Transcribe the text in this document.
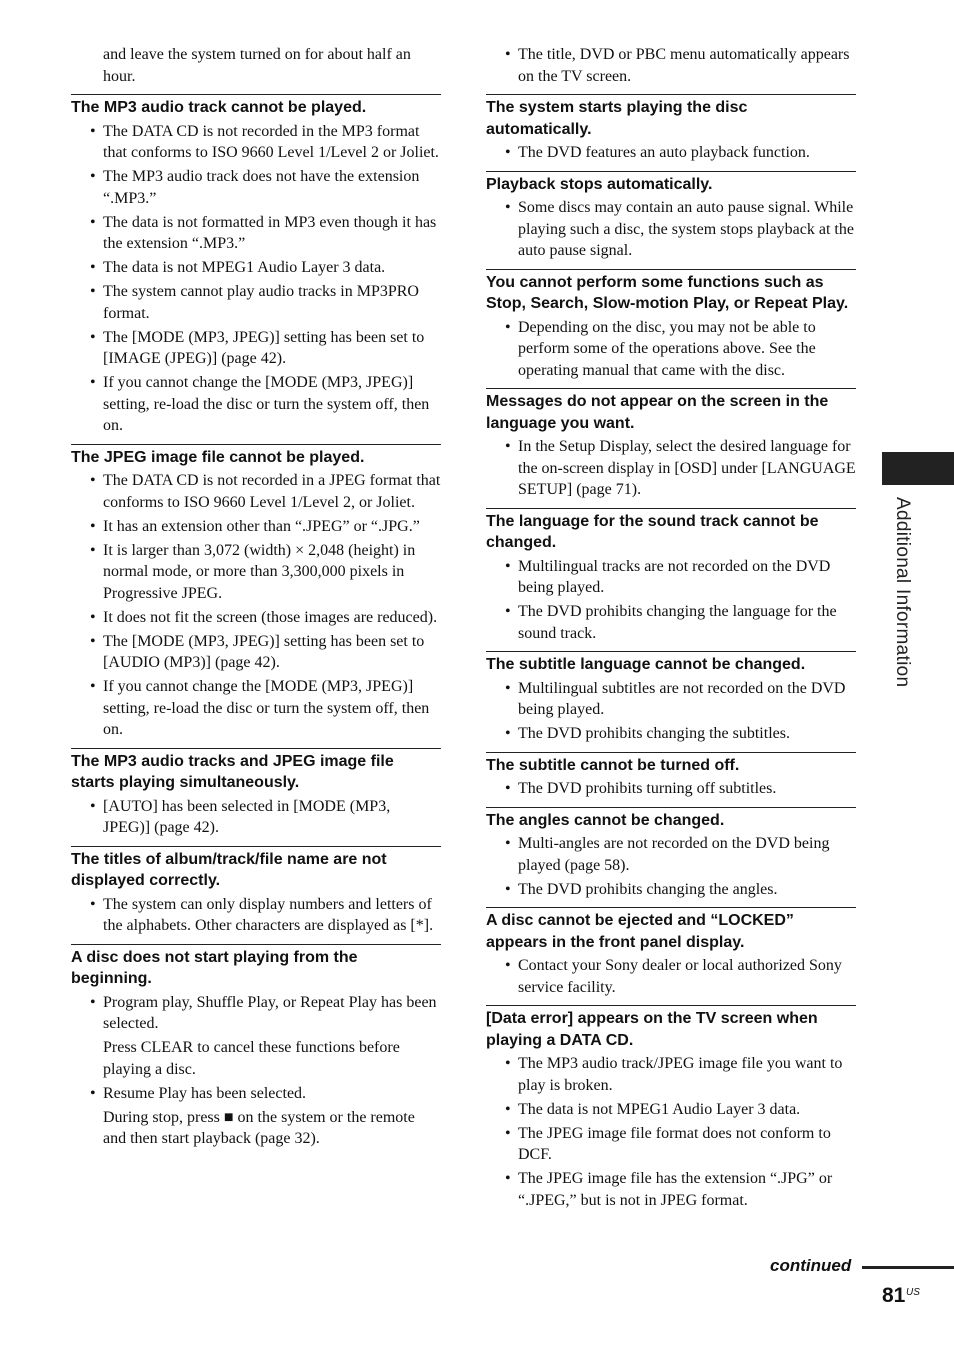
and leave the system turned on for about half an hour.
The MP3 audio track cannot be played.
• The DATA CD is not recorded in the MP3 format that conforms to ISO 9660 Level 1/Level 2 or Joliet.
• The MP3 audio track does not have the extension “.MP3.”
• The data is not formatted in MP3 even though it has the extension “.MP3.”
• The data is not MPEG1 Audio Layer 3 data.
• The system cannot play audio tracks in MP3PRO format.
• The [MODE (MP3, JPEG)] setting has been set to [IMAGE (JPEG)] (page 42).
• If you cannot change the [MODE (MP3, JPEG)] setting, re-load the disc or turn the system off, then on.
The JPEG image file cannot be played.
• The DATA CD is not recorded in a JPEG format that conforms to ISO 9660 Level 1/Level 2, or Joliet.
• It has an extension other than “.JPEG” or “.JPG.”
• It is larger than 3,072 (width) × 2,048 (height) in normal mode, or more than 3,300,000 pixels in Progressive JPEG.
• It does not fit the screen (those images are reduced).
• The [MODE (MP3, JPEG)] setting has been set to [AUDIO (MP3)] (page 42).
• If you cannot change the [MODE (MP3, JPEG)] setting, re-load the disc or turn the system off, then on.
The MP3 audio tracks and JPEG image file starts playing simultaneously.
• [AUTO] has been selected in [MODE (MP3, JPEG)] (page 42).
The titles of album/track/file name are not displayed correctly.
• The system can only display numbers and letters of the alphabets. Other characters are displayed as [*].
A disc does not start playing from the beginning.
• Program play, Shuffle Play, or Repeat Play has been selected.
Press CLEAR to cancel these functions before playing a disc.
• Resume Play has been selected.
During stop, press ■ on the system or the remote and then start playback (page 32).
• The title, DVD or PBC menu automatically appears on the TV screen.
The system starts playing the disc automatically.
• The DVD features an auto playback function.
Playback stops automatically.
• Some discs may contain an auto pause signal. While playing such a disc, the system stops playback at the auto pause signal.
You cannot perform some functions such as Stop, Search, Slow-motion Play, or Repeat Play.
• Depending on the disc, you may not be able to perform some of the operations above. See the operating manual that came with the disc.
Messages do not appear on the screen in the language you want.
• In the Setup Display, select the desired language for the on-screen display in [OSD] under [LANGUAGE SETUP] (page 71).
The language for the sound track cannot be changed.
• Multilingual tracks are not recorded on the DVD being played.
• The DVD prohibits changing the language for the sound track.
The subtitle language cannot be changed.
• Multilingual subtitles are not recorded on the DVD being played.
• The DVD prohibits changing the subtitles.
The subtitle cannot be turned off.
• The DVD prohibits turning off subtitles.
The angles cannot be changed.
• Multi-angles are not recorded on the DVD being played (page 58).
• The DVD prohibits changing the angles.
A disc cannot be ejected and “LOCKED” appears in the front panel display.
• Contact your Sony dealer or local authorized Sony service facility.
[Data error] appears on the TV screen when playing a DATA CD.
• The MP3 audio track/JPEG image file you want to play is broken.
• The data is not MPEG1 Audio Layer 3 data.
• The JPEG image file format does not conform to DCF.
• The JPEG image file has the extension “.JPG” or “.JPEG,” but is not in JPEG format.
Additional Information
continued
81 US
